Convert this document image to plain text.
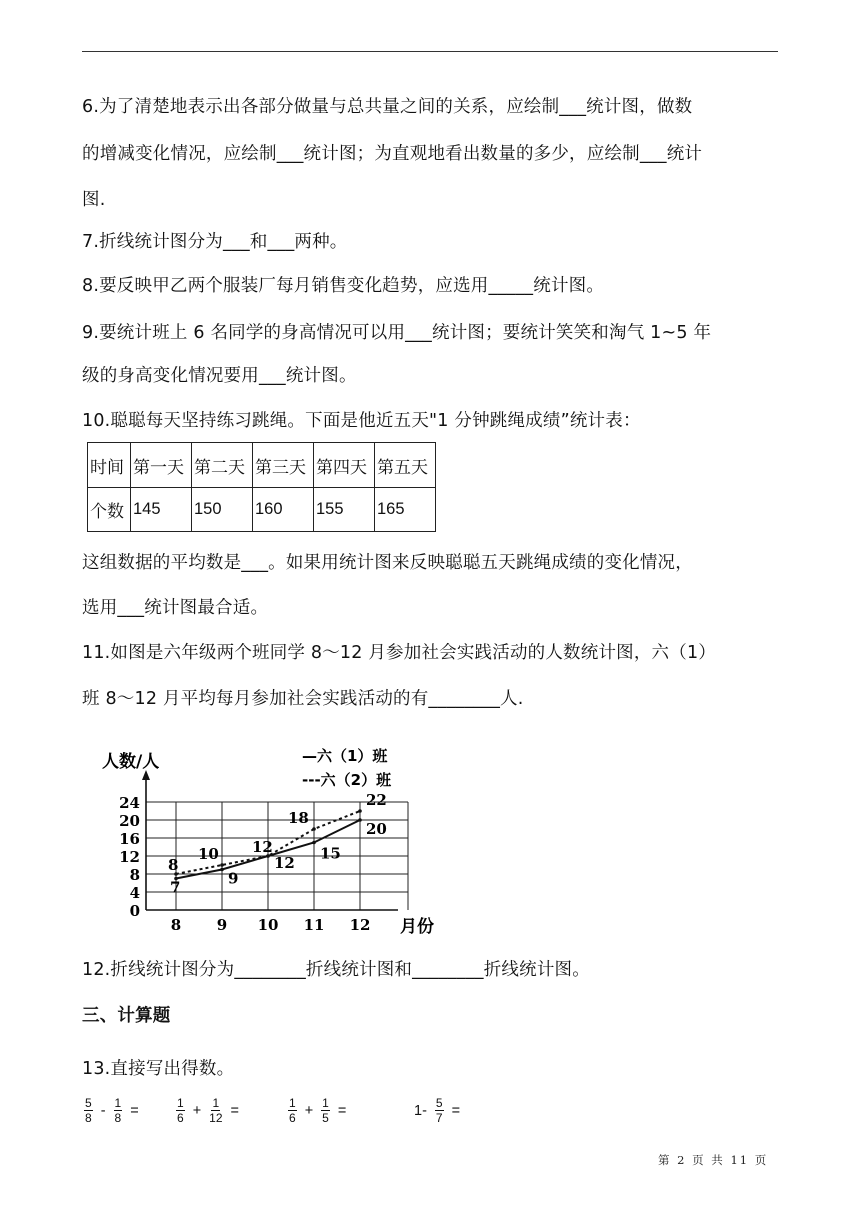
6.为了清楚地表示出各部分做量与总共量之间的关系，应绘制___统计图，做数
的增减变化情况，应绘制___统计图；为直观地看出数量的多少，应绘制___统计
图.
7.折线统计图分为___和___两种。
8.要反映甲乙两个服装厂每月销售变化趋势，应选用_____统计图。
9.要统计班上 6 名同学的身高情况可以用___统计图；要统计笑笑和淘气 1~5 年
级的身高变化情况要用___统计图。
10.聪聪每天坚持练习跳绳。下面是他近五天"1 分钟跳绳成绩”统计表：
时间	第一天	第二天	第三天	第四天	第五天
个数	145	150	160	155	165
这组数据的平均数是___。如果用统计图来反映聪聪五天跳绳成绩的变化情况，
选用___统计图最合适。
11.如图是六年级两个班同学 8～12 月参加社会实践活动的人数统计图，六（1）
班 8～12 月平均每月参加社会实践活动的有________人.
0
4
8
12
16
20
24
8 9 10 11 12
人数/人
月份
—六（1）班
---六（2）班
7	9
12
15
20
8
10 12
18
22
12.折线统计图分为________折线统计图和________折线统计图。
三、计算题
13.直接写出得数。
$\frac{5}{8} - \frac{1}{8}$ =	$\frac{1}{6} + \frac{1}{12}$ =	$\frac{1}{6} + \frac{1}{5}$ =	$1- \frac{5}{7}$ =
第 2 页 共 11 页
